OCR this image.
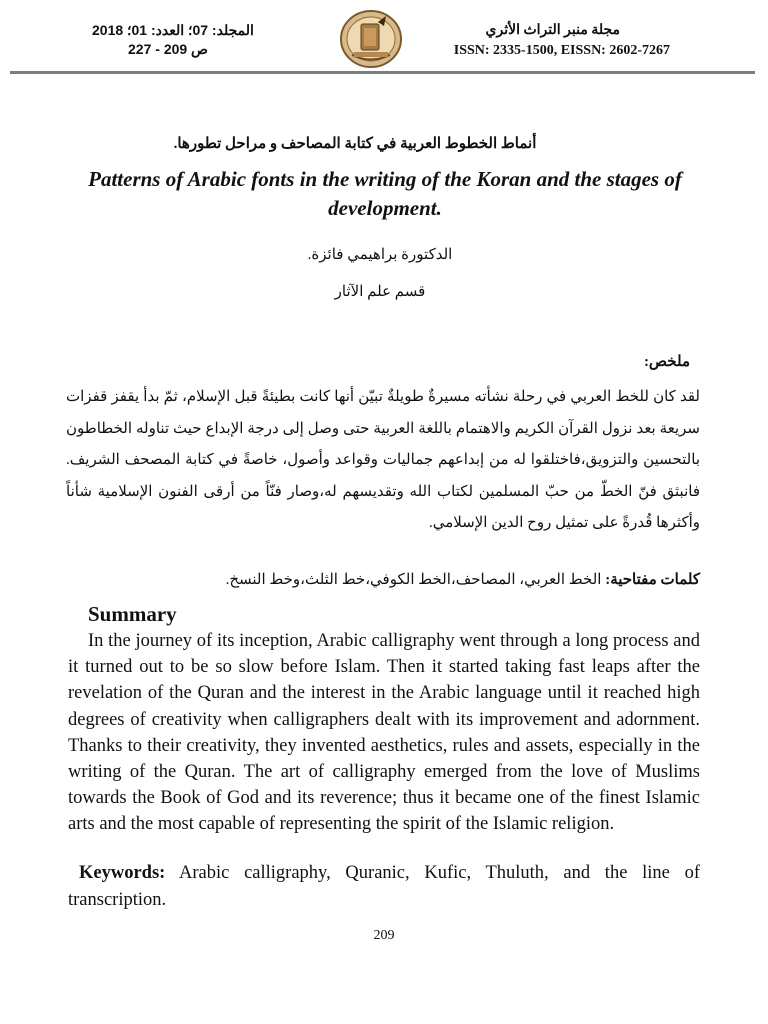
المجلد: 07؛ العدد: 01؛ 2018
ص 209 - 227
مجلة منبر التراث الأثري
ISSN: 2335-1500, EISSN: 2602-7267
أنماط الخطوط العربية في كتابة المصاحف و مراحل تطورها.
Patterns of Arabic fonts in the writing of the Koran and the stages of development.
الدكتورة براهيمي فائزة.
قسم علم الآثار
ملخص:
لقد كان للخط العربي في رحلة نشأته مسيرةٌ طويلةٌ تبيّن أنها كانت بطيئةً قبل الإسلام، ثمّ بدأ يقفز قفزات سريعة بعد نزول القرآن الكريم والاهتمام باللغة العربية حتى وصل إلى درجة الإبداع حيث تناوله الخطاطون بالتحسين والتزويق،فاختلقوا له من إبداعهم جماليات وقواعد وأصول، خاصةً في كتابة المصحف الشريف. فانبثق فنّ الخطّ من حبّ المسلمين لكتاب الله وتقديسهم له،وصار فنّاً من أرقى الفنون الإسلامية شأناً وأكثرها قُدرةً على تمثيل روح الدين الإسلامي.
كلمات مفتاحية: الخط العربي، المصاحف،الخط الكوفي،خط الثلث،وخط النسخ.
Summary
In the journey of its inception, Arabic calligraphy went through a long process and it turned out to be so slow before Islam. Then it started taking fast leaps after the revelation of the Quran and the interest in the Arabic language until it reached high degrees of creativity when calligraphers dealt with its improvement and adornment. Thanks to their creativity, they invented aesthetics, rules and assets, especially in the writing of the Quran. The art of calligraphy emerged from the love of Muslims towards the Book of God and its reverence; thus it became one of the finest Islamic arts and the most capable of representing the spirit of the Islamic religion.
Keywords: Arabic calligraphy, Quranic, Kufic, Thuluth, and the line of transcription.
209
